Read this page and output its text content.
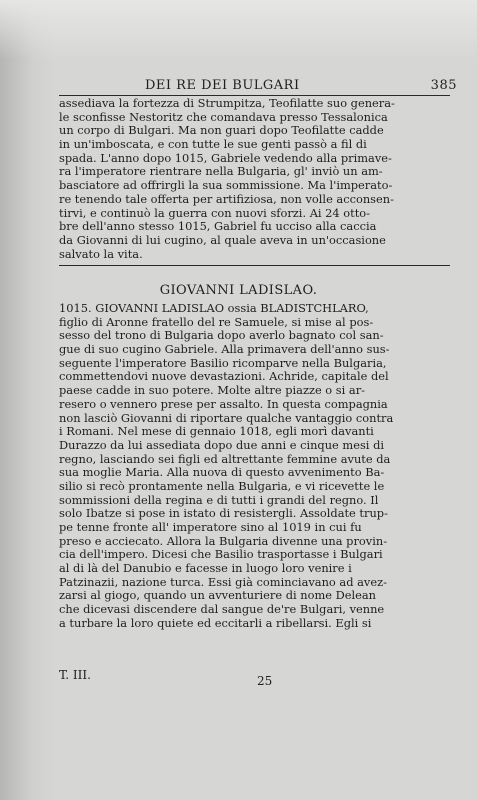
DEI RE DEI BULGARI	385
assediava la fortezza di Strumpitza, Teofilatte suo genera-
le sconfisse Nestoritz che comandava presso Tessalonica
un corpo di Bulgari. Ma non guari dopo Teofilatte cadde
in un'imboscata, e con tutte le sue genti passò a fil di
spada. L'anno dopo 1015, Gabriele vedendo alla primave-
ra l'imperatore rientrare nella Bulgaria, gl' inviò un am-
basciatore ad offrirgli la sua sommissione. Ma l'imperato-
re tenendo tale offerta per artifiziosa, non volle acconsen-
tirvi, e continuò la guerra con nuovi sforzi. Ai 24 otto-
bre dell'anno stesso 1015, Gabriel fu ucciso alla caccia
da Giovanni di lui cugino, al quale aveva in un'occasione
salvato la vita.
GIOVANNI LADISLAO.
1015. GIOVANNI LADISLAO ossia BLADISTCHLARO,
figlio di Aronne fratello del re Samuele, si mise al pos-
sesso del trono di Bulgaria dopo averlo bagnato col san-
gue di suo cugino Gabriele. Alla primavera dell'anno sus-
seguente l'imperatore Basilio ricomparve nella Bulgaria,
commettendovi nuove devastazioni. Achride, capitale del
paese cadde in suo potere. Molte altre piazze o si ar-
resero o vennero prese per assalto. In questa compagnia
non lasciò Giovanni di riportare qualche vantaggio contra
i Romani. Nel mese di gennaio 1018, egli morì davanti
Durazzo da lui assediata dopo due anni e cinque mesi di
regno, lasciando sei figli ed altrettante femmine avute da
sua moglie Maria. Alla nuova di questo avvenimento Ba-
silio si recò prontamente nella Bulgaria, e vi ricevette le
sommissioni della regina e di tutti i grandi del regno. Il
solo Ibatze si pose in istato di resistergli. Assoldate trup-
pe tenne fronte all' imperatore sino al 1019 in cui fu
preso e acciecato. Allora la Bulgaria divenne una provin-
cia dell'impero. Dicesi che Basilio trasportasse i Bulgari
al di là del Danubio e facesse in luogo loro venire i
Patzinazii, nazione turca. Essi già cominciavano ad avez-
zarsi al giogo, quando un avventuriere di nome Delean
che dicevasi discendere dal sangue de're Bulgari, venne
a turbare la loro quiete ed eccitarli a ribellarsi. Egli si
T. III.	25
